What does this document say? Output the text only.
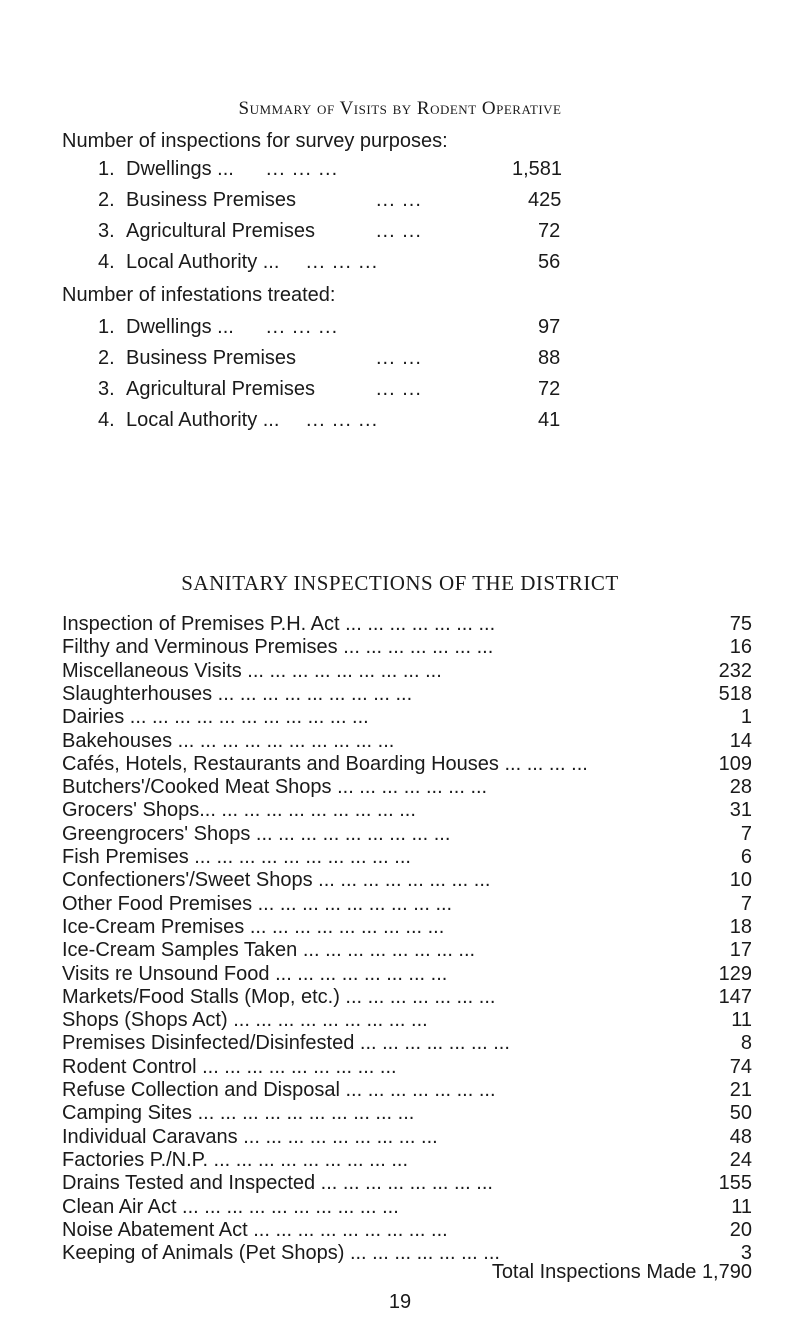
Summary of Visits by Rodent Operative
Number of inspections for survey purposes:
1. Dwellings ... ... ... ...	1,581
2. Business Premises	... ...	425
3. Agricultural Premises	... ...	72
4. Local Authority ... ... ... ...	56
Number of infestations treated:
1. Dwellings ... ... ... ...	97
2. Business Premises	... ...	88
3. Agricultural Premises	... ...	72
4. Local Authority ... ... ... ...	41
SANITARY INSPECTIONS OF THE DISTRICT
Inspection of Premises P.H. Act ... ... ... ... ... ... ...	75
Filthy and Verminous Premises ... ... ... ... ... ... ...	16
Miscellaneous Visits ... ... ... ... ... ... ... ... ...	232
Slaughterhouses ... ... ... ... ... ... ... ... ...	518
Dairies ... ... ... ... ... ... ... ... ... ... ...	1
Bakehouses ... ... ... ... ... ... ... ... ... ...	14
Cafés, Hotels, Restaurants and Boarding Houses ... ... ... ...	109
Butchers'/Cooked Meat Shops ... ... ... ... ... ... ...	28
Grocers' Shops... ... ... ... ... ... ... ... ... ...	31
Greengrocers' Shops ... ... ... ... ... ... ... ... ...	7
Fish Premises ... ... ... ... ... ... ... ... ... ...	6
Confectioners'/Sweet Shops ... ... ... ... ... ... ... ...	10
Other Food Premises ... ... ... ... ... ... ... ... ...	7
Ice-Cream Premises ... ... ... ... ... ... ... ... ...	18
Ice-Cream Samples Taken ... ... ... ... ... ... ... ...	17
Visits re Unsound Food ... ... ... ... ... ... ... ...	129
Markets/Food Stalls (Mop, etc.) ... ... ... ... ... ... ...	147
Shops (Shops Act) ... ... ... ... ... ... ... ... ...	11
Premises Disinfected/Disinfested ... ... ... ... ... ... ...	8
Rodent Control ... ... ... ... ... ... ... ... ...	74
Refuse Collection and Disposal ... ... ... ... ... ... ...	21
Camping Sites ... ... ... ... ... ... ... ... ... ...	50
Individual Caravans ... ... ... ... ... ... ... ... ...	48
Factories P./N.P. ... ... ... ... ... ... ... ... ...	24
Drains Tested and Inspected ... ... ... ... ... ... ... ...	155
Clean Air Act ... ... ... ... ... ... ... ... ... ...	11
Noise Abatement Act ... ... ... ... ... ... ... ... ...	20
Keeping of Animals (Pet Shops) ... ... ... ... ... ... ...	3
Total Inspections Made 1,790
19
